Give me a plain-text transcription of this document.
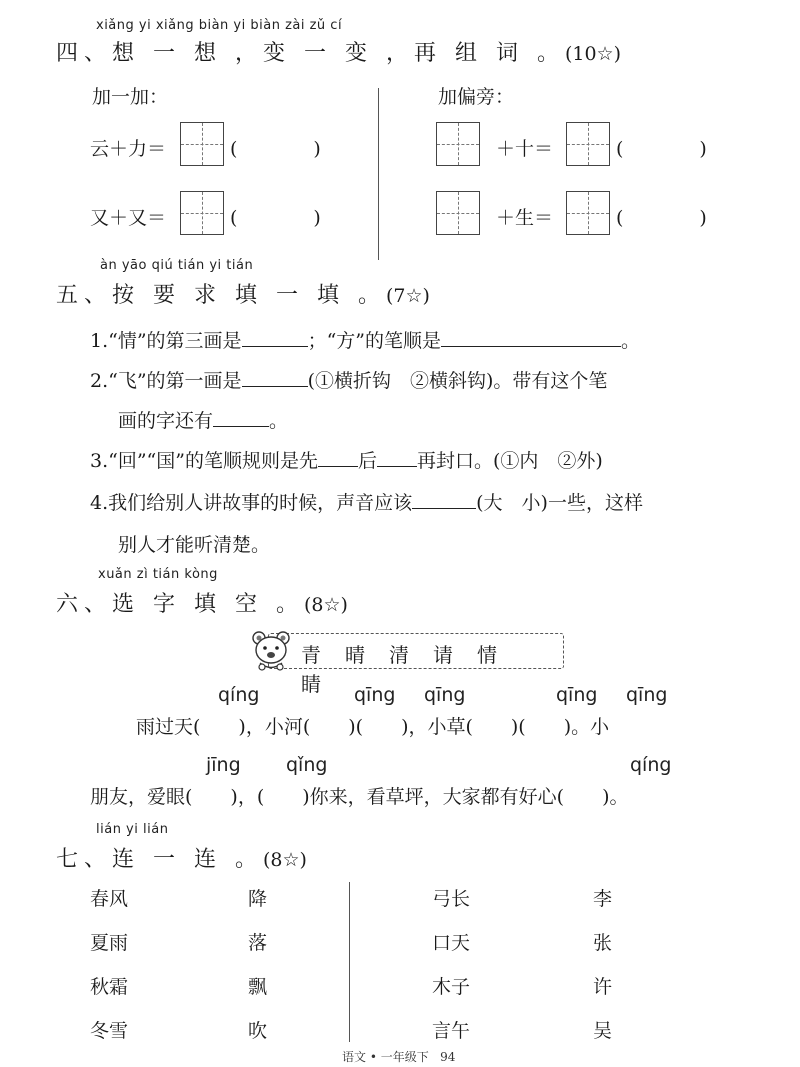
xiǎng yi xiǎng biàn yi biàn zài zǔ cí
四、想 一 想 ，变 一 变 ，再 组 词 。(10☆)
加一加：	加偏旁：
云＋力＝	(　　　　)
又＋又＝	(　　　　)
＋十＝	(　　　　)
＋生＝	(　　　　)
àn yāo qiú tián yi tián
五、按 要 求 填 一 填 。(7☆)
1.“情”的第三画是	；“方”的笔顺是	。
2.“飞”的第一画是	(①横折钩　②横斜钩)。带有这个笔
画的字还有	。
3.“回”“国”的笔顺规则是先 后 再封口。(①内　②外)
4.我们给别人讲故事的时候，声音应该	(大　小)一些，这样
别人才能听清楚。
xuǎn zì tián kòng
六、选 字 填 空 。(8☆)
青 晴 清 请 情睛
qíng	qīng qīng	qīng qīng
雨过天(　　)，小河(　　)(　　)，小草(　　)(　　)。小
jīng qǐng	qíng
朋友，爱眼(　　)，(　　)你来，看草坪，大家都有好心(　　)。
lián yi lián
七、连 一 连 。(8☆)
春风
夏雨
秋霜
冬雪
降
落
飘
吹
弓长
口天
木子
言午
李
张
许
吴
语文 • 一年级下 94
